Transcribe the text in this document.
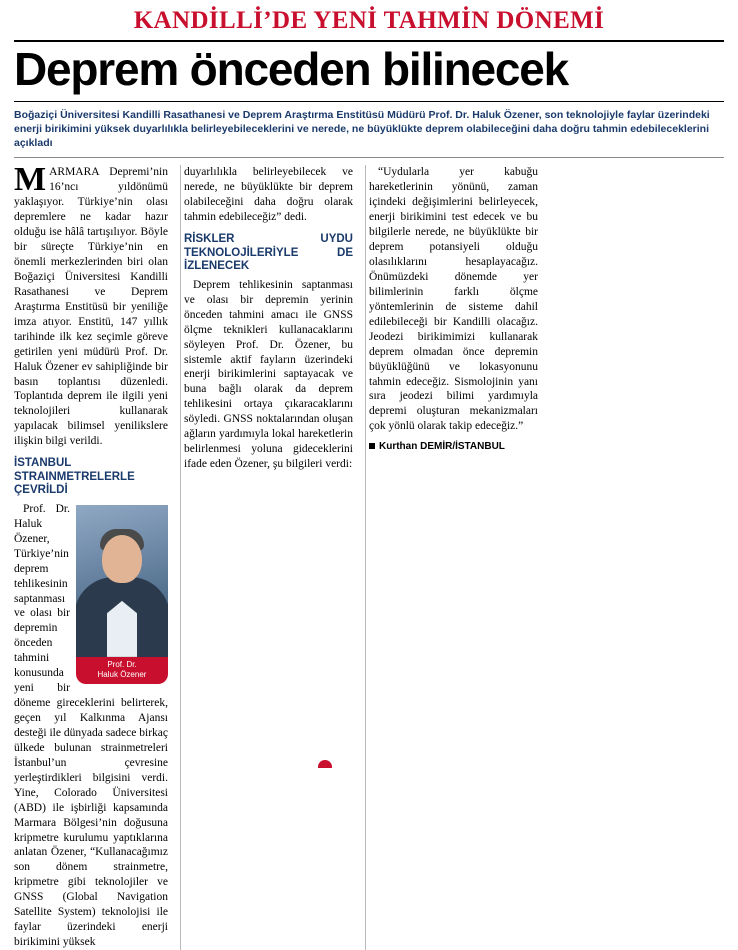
KANDİLLİ’DE YENİ TAHMİN DÖNEMİ
Deprem önceden bilinecek
Boğaziçi Üniversitesi Kandilli Rasathanesi ve Deprem Araştırma Enstitüsü Müdürü Prof. Dr. Haluk Özener, son teknolojiyle faylar üzerindeki enerji birikimini yüksek duyarlılıkla belirleyebileceklerini ve nerede, ne büyüklükte deprem olabileceğini daha doğru tahmin edebileceklerini açıkladı

MARMARA Depremi’nin 16’ncı yıldönümü yaklaşıyor. Türkiye’nin olası depremlere ne kadar hazır olduğu ise hâlâ tartışılıyor. Böyle bir süreçte Türkiye’nin en önemli merkezlerinden biri olan Boğaziçi Üniversitesi Kandilli Rasathanesi ve Deprem Araştırma Enstitüsü bir yeniliğe imza atıyor. Enstitü, 147 yıllık tarihinde ilk kez seçimle göreve getirilen yeni müdürü Prof. Dr. Haluk Özener ev sahipliğinde bir basın toplantısı düzenledi. Toplantıda deprem ile ilgili yeni teknolojileri kullanarak yapılacak bilimsel yenilikslere ilişkin bilgi verildi.

İSTANBUL STRAINMETRELERLE ÇEVRİLDİ
Prof. Dr.
Haluk Özener

Prof. Dr. Haluk Özener, Türkiye’nin deprem tehlikesinin saptanması ve olası bir depremin önceden tahmini konusunda yeni bir döneme gireceklerini belirterek, geçen yıl Kalkınma Ajansı desteği ile dünyada sadece birkaç ülkede bulunan strainmetreleri İstanbul’un çevresine yerleştirdikleri bilgisini verdi. Yine, Colorado Üniversitesi (ABD) ile işbirliği kapsamında Marmara Bölgesi’nin doğusuna kripmetre kurulumu yaptıklarına anlatan Özener, “Kullanacağımız son dönem strainmetre, kripmetre gibi teknolojiler ve GNSS (Global Navigation Satellite System) teknolojisi ile faylar üzerindeki enerji birikimini yüksek

duyarlılıkla belirleyebilecek ve nerede, ne büyüklükte bir deprem olabileceğini daha doğru olarak tahmin edebileceğiz” dedi.

RİSKLER UYDU TEKNOLOJİLERİYLE DE İZLENECEK

Deprem tehlikesinin saptanması ve olası bir depremin yerinin önceden tahmini amacı ile GNSS ölçme teknikleri kullanacaklarını söyleyen Prof. Dr. Özener, bu sistemle aktif fayların üzerindeki enerji birikimlerini saptayacak ve buna bağlı olarak da deprem tehlikesini ortaya çıkaracaklarını söyledi. GNSS noktalarından oluşan ağların yardımıyla lokal hareketlerin belirlenmesi yoluna gideceklerini ifade eden Özener, şu bilgileri verdi:

“Uydularla yer kabuğu hareketlerinin yönünü, zaman içindeki değişimlerini belirleyecek, enerji birikimini test edecek ve bu bilgilerle nerede, ne büyüklükte bir deprem potansiyeli olduğu olasılıklarını hesaplayacağız. Önümüzdeki dönemde yer bilimlerinin farklı ölçme yöntemlerinin de sisteme dahil edilebileceği bir Kandilli olacağız. Jeodezi birikimimizi kullanarak deprem olmadan önce depremin büyüklüğünü ve lokasyonunu tahmin edeceğiz. Sismolojinin yanı sıra jeodezi bilimi yardımıyla depremi oluşturan mekanizmaları çok yönlü olarak takip edeceğiz.”

Kurthan DEMİR/İSTANBUL
